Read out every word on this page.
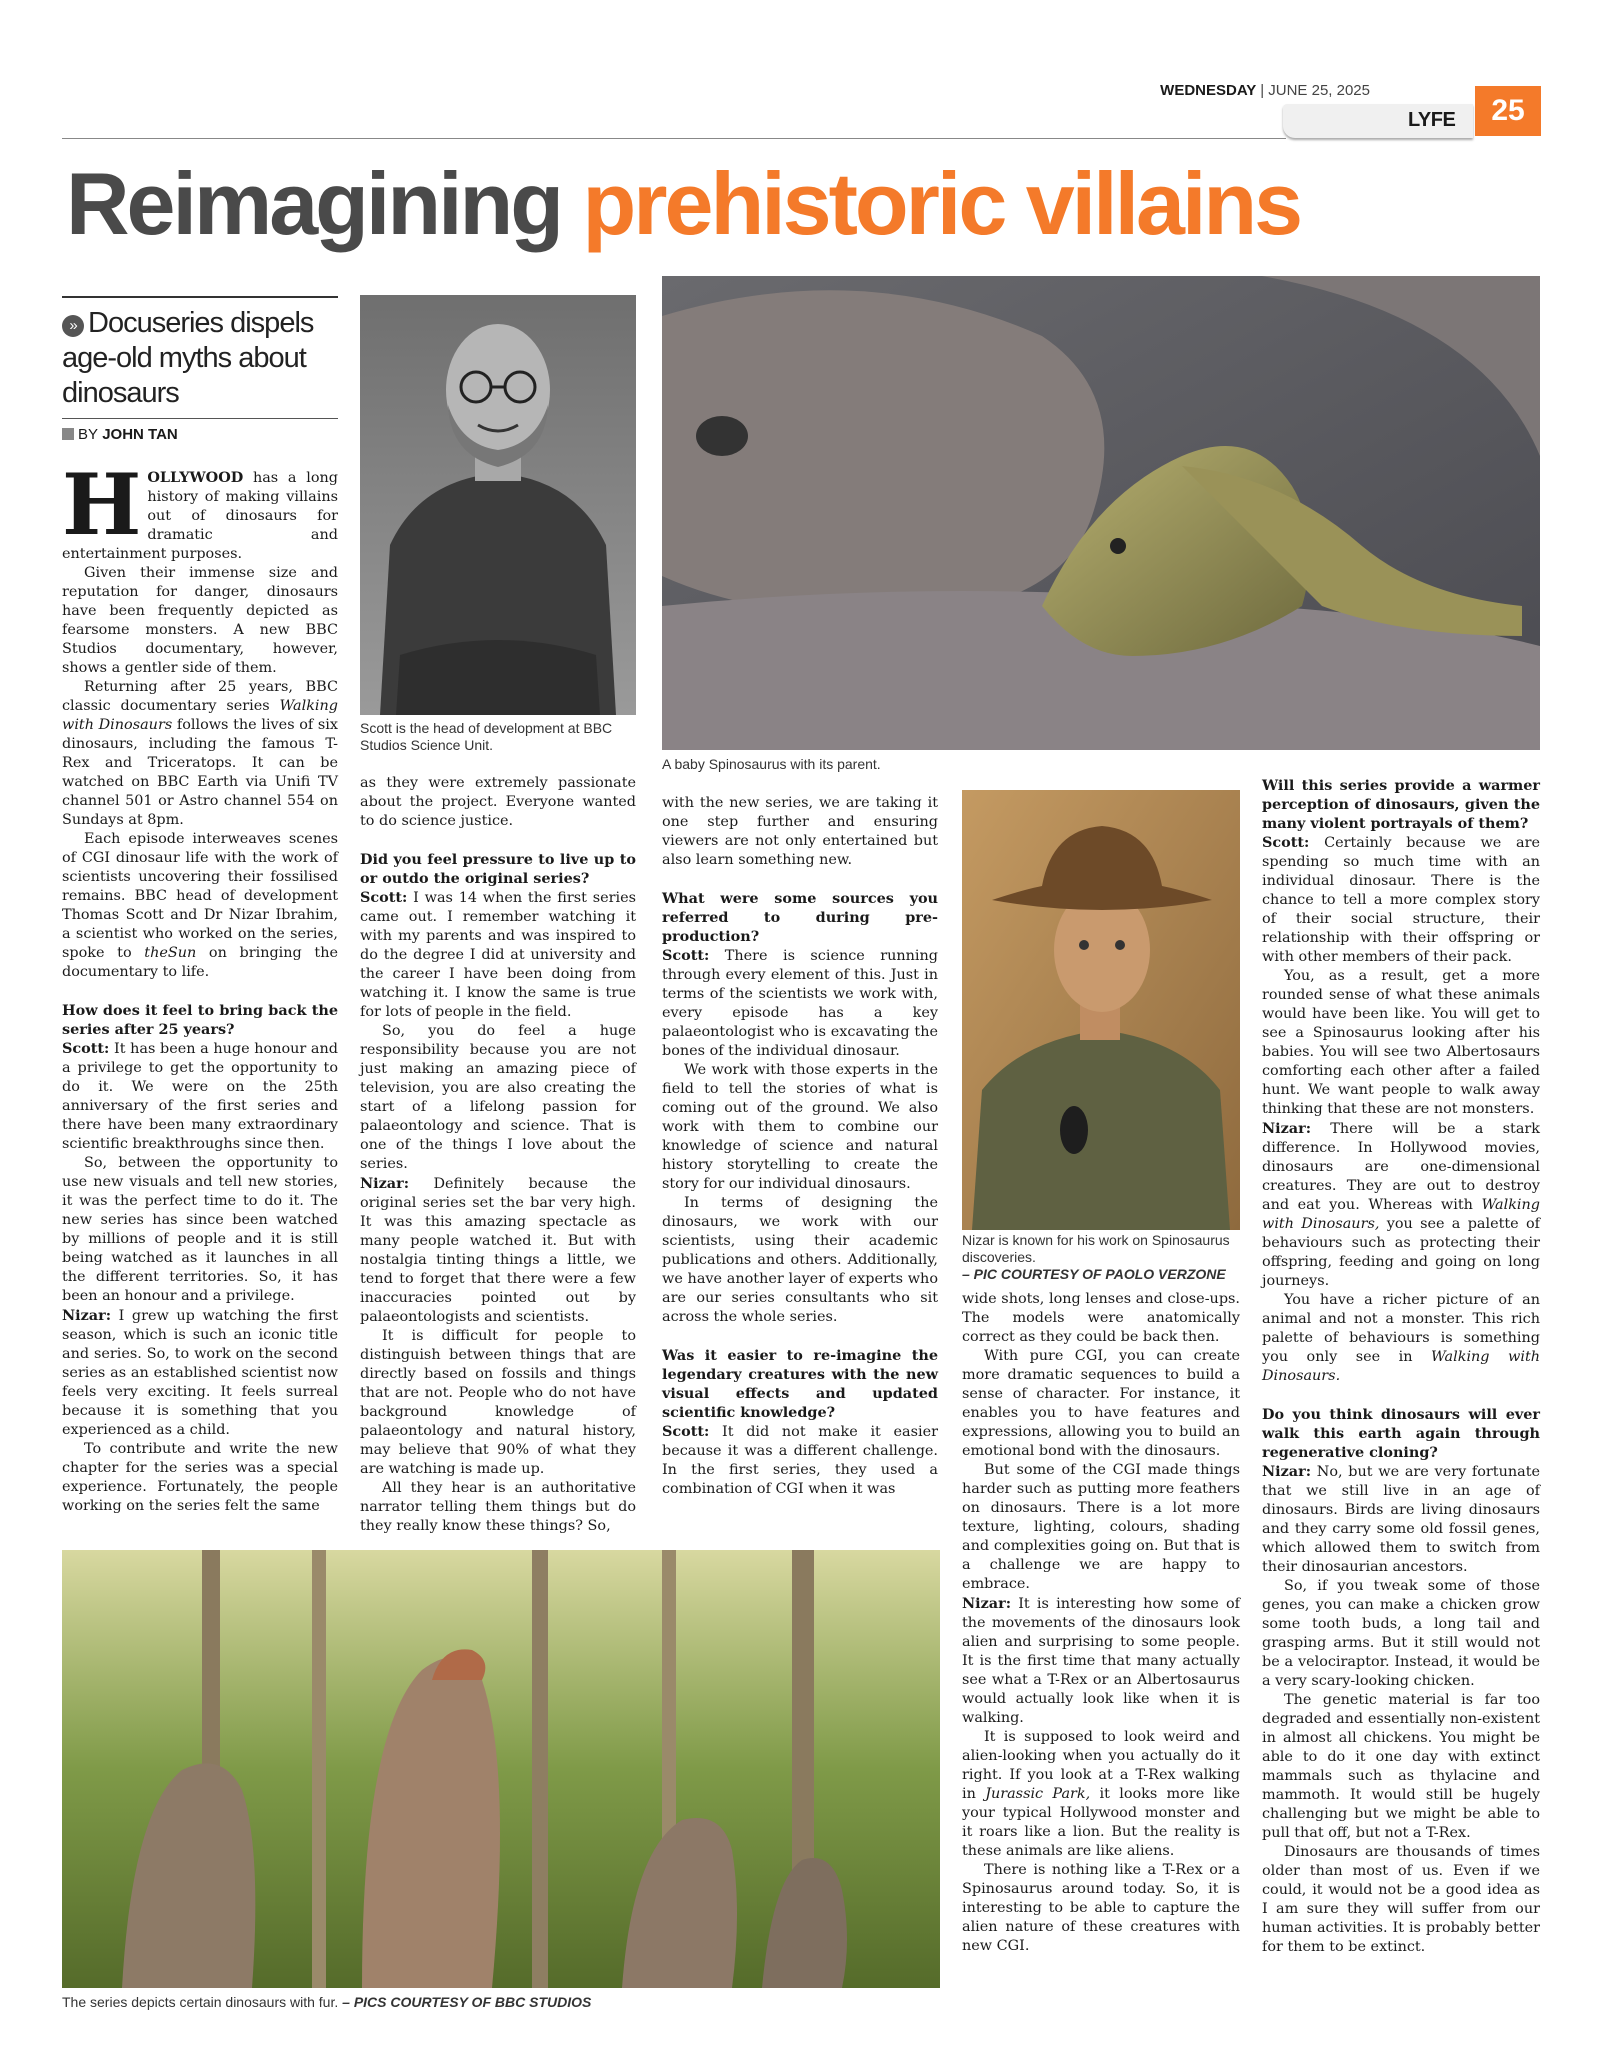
WEDNESDAY | JUNE 25, 2025
LYFE	25
Reimagining prehistoric villains
» Docuseries dispels age-old myths about dinosaurs
BY JOHN TAN
Scott is the head of development at BBC Studios Science Unit.
A baby Spinosaurus with its parent.
Nizar is known for his work on Spinosaurus discoveries.
– PIC COURTESY OF PAOLO VERZONE
The series depicts certain dinosaurs with fur. – PICS COURTESY OF BBC STUDIOS

HOLLYWOOD has a long history of making villains out of dinosaurs for dramatic and entertainment purposes.

Given their immense size and reputation for danger, dinosaurs have been frequently depicted as fearsome monsters. A new BBC Studios documentary, however, shows a gentler side of them.

Returning after 25 years, BBC classic documentary series Walking with Dinosaurs follows the lives of six dinosaurs, including the famous T-Rex and Triceratops. It can be watched on BBC Earth via Unifi TV channel 501 or Astro channel 554 on Sundays at 8pm.

Each episode interweaves scenes of CGI dinosaur life with the work of scientists uncovering their fossilised remains. BBC head of development Thomas Scott and Dr Nizar Ibrahim, a scientist who worked on the series, spoke to theSun on bringing the documentary to life.

How does it feel to bring back the series after 25 years?

Scott: It has been a huge honour and a privilege to get the opportunity to do it. We were on the 25th anniversary of the first series and there have been many extraordinary scientific breakthroughs since then.

So, between the opportunity to use new visuals and tell new stories, it was the perfect time to do it. The new series has since been watched by millions of people and it is still being watched as it launches in all the different territories. So, it has been an honour and a privilege.

Nizar: I grew up watching the first season, which is such an iconic title and series. So, to work on the second series as an established scientist now feels very exciting. It feels surreal because it is something that you experienced as a child.

To contribute and write the new chapter for the series was a special experience. Fortunately, the people working on the series felt the same

as they were extremely passionate about the project. Everyone wanted to do science justice.

Did you feel pressure to live up to or outdo the original series?

Scott: I was 14 when the first series came out. I remember watching it with my parents and was inspired to do the degree I did at university and the career I have been doing from watching it. I know the same is true for lots of people in the field.

So, you do feel a huge responsibility because you are not just making an amazing piece of television, you are also creating the start of a lifelong passion for palaeontology and science. That is one of the things I love about the series.

Nizar: Definitely because the original series set the bar very high. It was this amazing spectacle as many people watched it. But with nostalgia tinting things a little, we tend to forget that there were a few inaccuracies pointed out by palaeontologists and scientists.

It is difficult for people to distinguish between things that are directly based on fossils and things that are not. People who do not have background knowledge of palaeontology and natural history, may believe that 90% of what they are watching is made up.

All they hear is an authoritative narrator telling them things but do they really know these things? So,

with the new series, we are taking it one step further and ensuring viewers are not only entertained but also learn something new.

What were some sources you referred to during pre-production?

Scott: There is science running through every element of this. Just in terms of the scientists we work with, every episode has a key palaeontologist who is excavating the bones of the individual dinosaur.

We work with those experts in the field to tell the stories of what is coming out of the ground. We also work with them to combine our knowledge of science and natural history storytelling to create the story for our individual dinosaurs.

In terms of designing the dinosaurs, we work with our scientists, using their academic publications and others. Additionally, we have another layer of experts who are our series consultants who sit across the whole series.

Was it easier to re-imagine the legendary creatures with the new visual effects and updated scientific knowledge?

Scott: It did not make it easier because it was a different challenge. In the first series, they used a combination of CGI when it was

wide shots, long lenses and close-ups. The models were anatomically correct as they could be back then.

With pure CGI, you can create more dramatic sequences to build a sense of character. For instance, it enables you to have features and expressions, allowing you to build an emotional bond with the dinosaurs.

But some of the CGI made things harder such as putting more feathers on dinosaurs. There is a lot more texture, lighting, colours, shading and complexities going on. But that is a challenge we are happy to embrace.

Nizar: It is interesting how some of the movements of the dinosaurs look alien and surprising to some people. It is the first time that many actually see what a T-Rex or an Albertosaurus would actually look like when it is walking.

It is supposed to look weird and alien-looking when you actually do it right. If you look at a T-Rex walking in Jurassic Park, it looks more like your typical Hollywood monster and it roars like a lion. But the reality is these animals are like aliens.

There is nothing like a T-Rex or a Spinosaurus around today. So, it is interesting to be able to capture the alien nature of these creatures with new CGI.

Will this series provide a warmer perception of dinosaurs, given the many violent portrayals of them?

Scott: Certainly because we are spending so much time with an individual dinosaur. There is the chance to tell a more complex story of their social structure, their relationship with their offspring or with other members of their pack.

You, as a result, get a more rounded sense of what these animals would have been like. You will get to see a Spinosaurus looking after his babies. You will see two Albertosaurs comforting each other after a failed hunt. We want people to walk away thinking that these are not monsters.

Nizar: There will be a stark difference. In Hollywood movies, dinosaurs are one-dimensional creatures. They are out to destroy and eat you. Whereas with Walking with Dinosaurs, you see a palette of behaviours such as protecting their offspring, feeding and going on long journeys.

You have a richer picture of an animal and not a monster. This rich palette of behaviours is something you only see in Walking with Dinosaurs.

Do you think dinosaurs will ever walk this earth again through regenerative cloning?

Nizar: No, but we are very fortunate that we still live in an age of dinosaurs. Birds are living dinosaurs and they carry some old fossil genes, which allowed them to switch from their dinosaurian ancestors.

So, if you tweak some of those genes, you can make a chicken grow some tooth buds, a long tail and grasping arms. But it still would not be a velociraptor. Instead, it would be a very scary-looking chicken.

The genetic material is far too degraded and essentially non-existent in almost all chickens. You might be able to do it one day with extinct mammals such as thylacine and mammoth. It would still be hugely challenging but we might be able to pull that off, but not a T-Rex.

Dinosaurs are thousands of times older than most of us. Even if we could, it would not be a good idea as I am sure they will suffer from our human activities. It is probably better for them to be extinct.
